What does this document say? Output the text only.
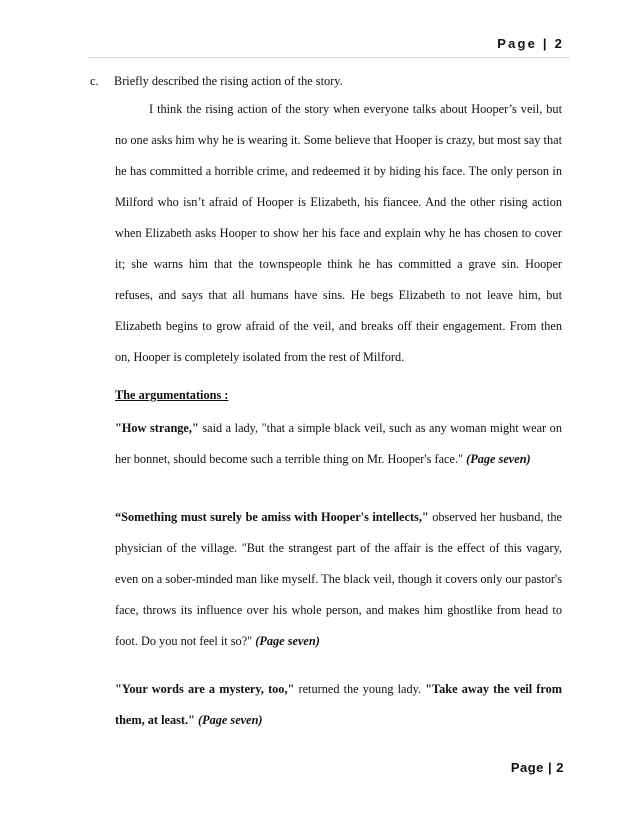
Page | 2
c. Briefly described the rising action of the story.

I think the rising action of the story when everyone talks about Hooper’s veil, but no one asks him why he is wearing it. Some believe that Hooper is crazy, but most say that he has committed a horrible crime, and redeemed it by hiding his face. The only person in Milford who isn’t afraid of Hooper is Elizabeth, his fiancee. And the other rising action when Elizabeth asks Hooper to show her his face and explain why he has chosen to cover it; she warns him that the townspeople think he has committed a grave sin. Hooper refuses, and says that all humans have sins. He begs Elizabeth to not leave him, but Elizabeth begins to grow afraid of the veil, and breaks off their engagement. From then on, Hooper is completely isolated from the rest of Milford.

The argumentations :

"How strange," said a lady, "that a simple black veil, such as any woman might wear on her bonnet, should become such a terrible thing on Mr. Hooper's face." (Page seven)

“Something must surely be amiss with Hooper's intellects," observed her husband, the physician of the village. "But the strangest part of the affair is the effect of this vagary, even on a sober-minded man like myself. The black veil, though it covers only our pastor's face, throws its influence over his whole person, and makes him ghostlike from head to foot. Do you not feel it so?" (Page seven)

"Your words are a mystery, too," returned the young lady. "Take away the veil from them, at least." (Page seven)

Page | 2
